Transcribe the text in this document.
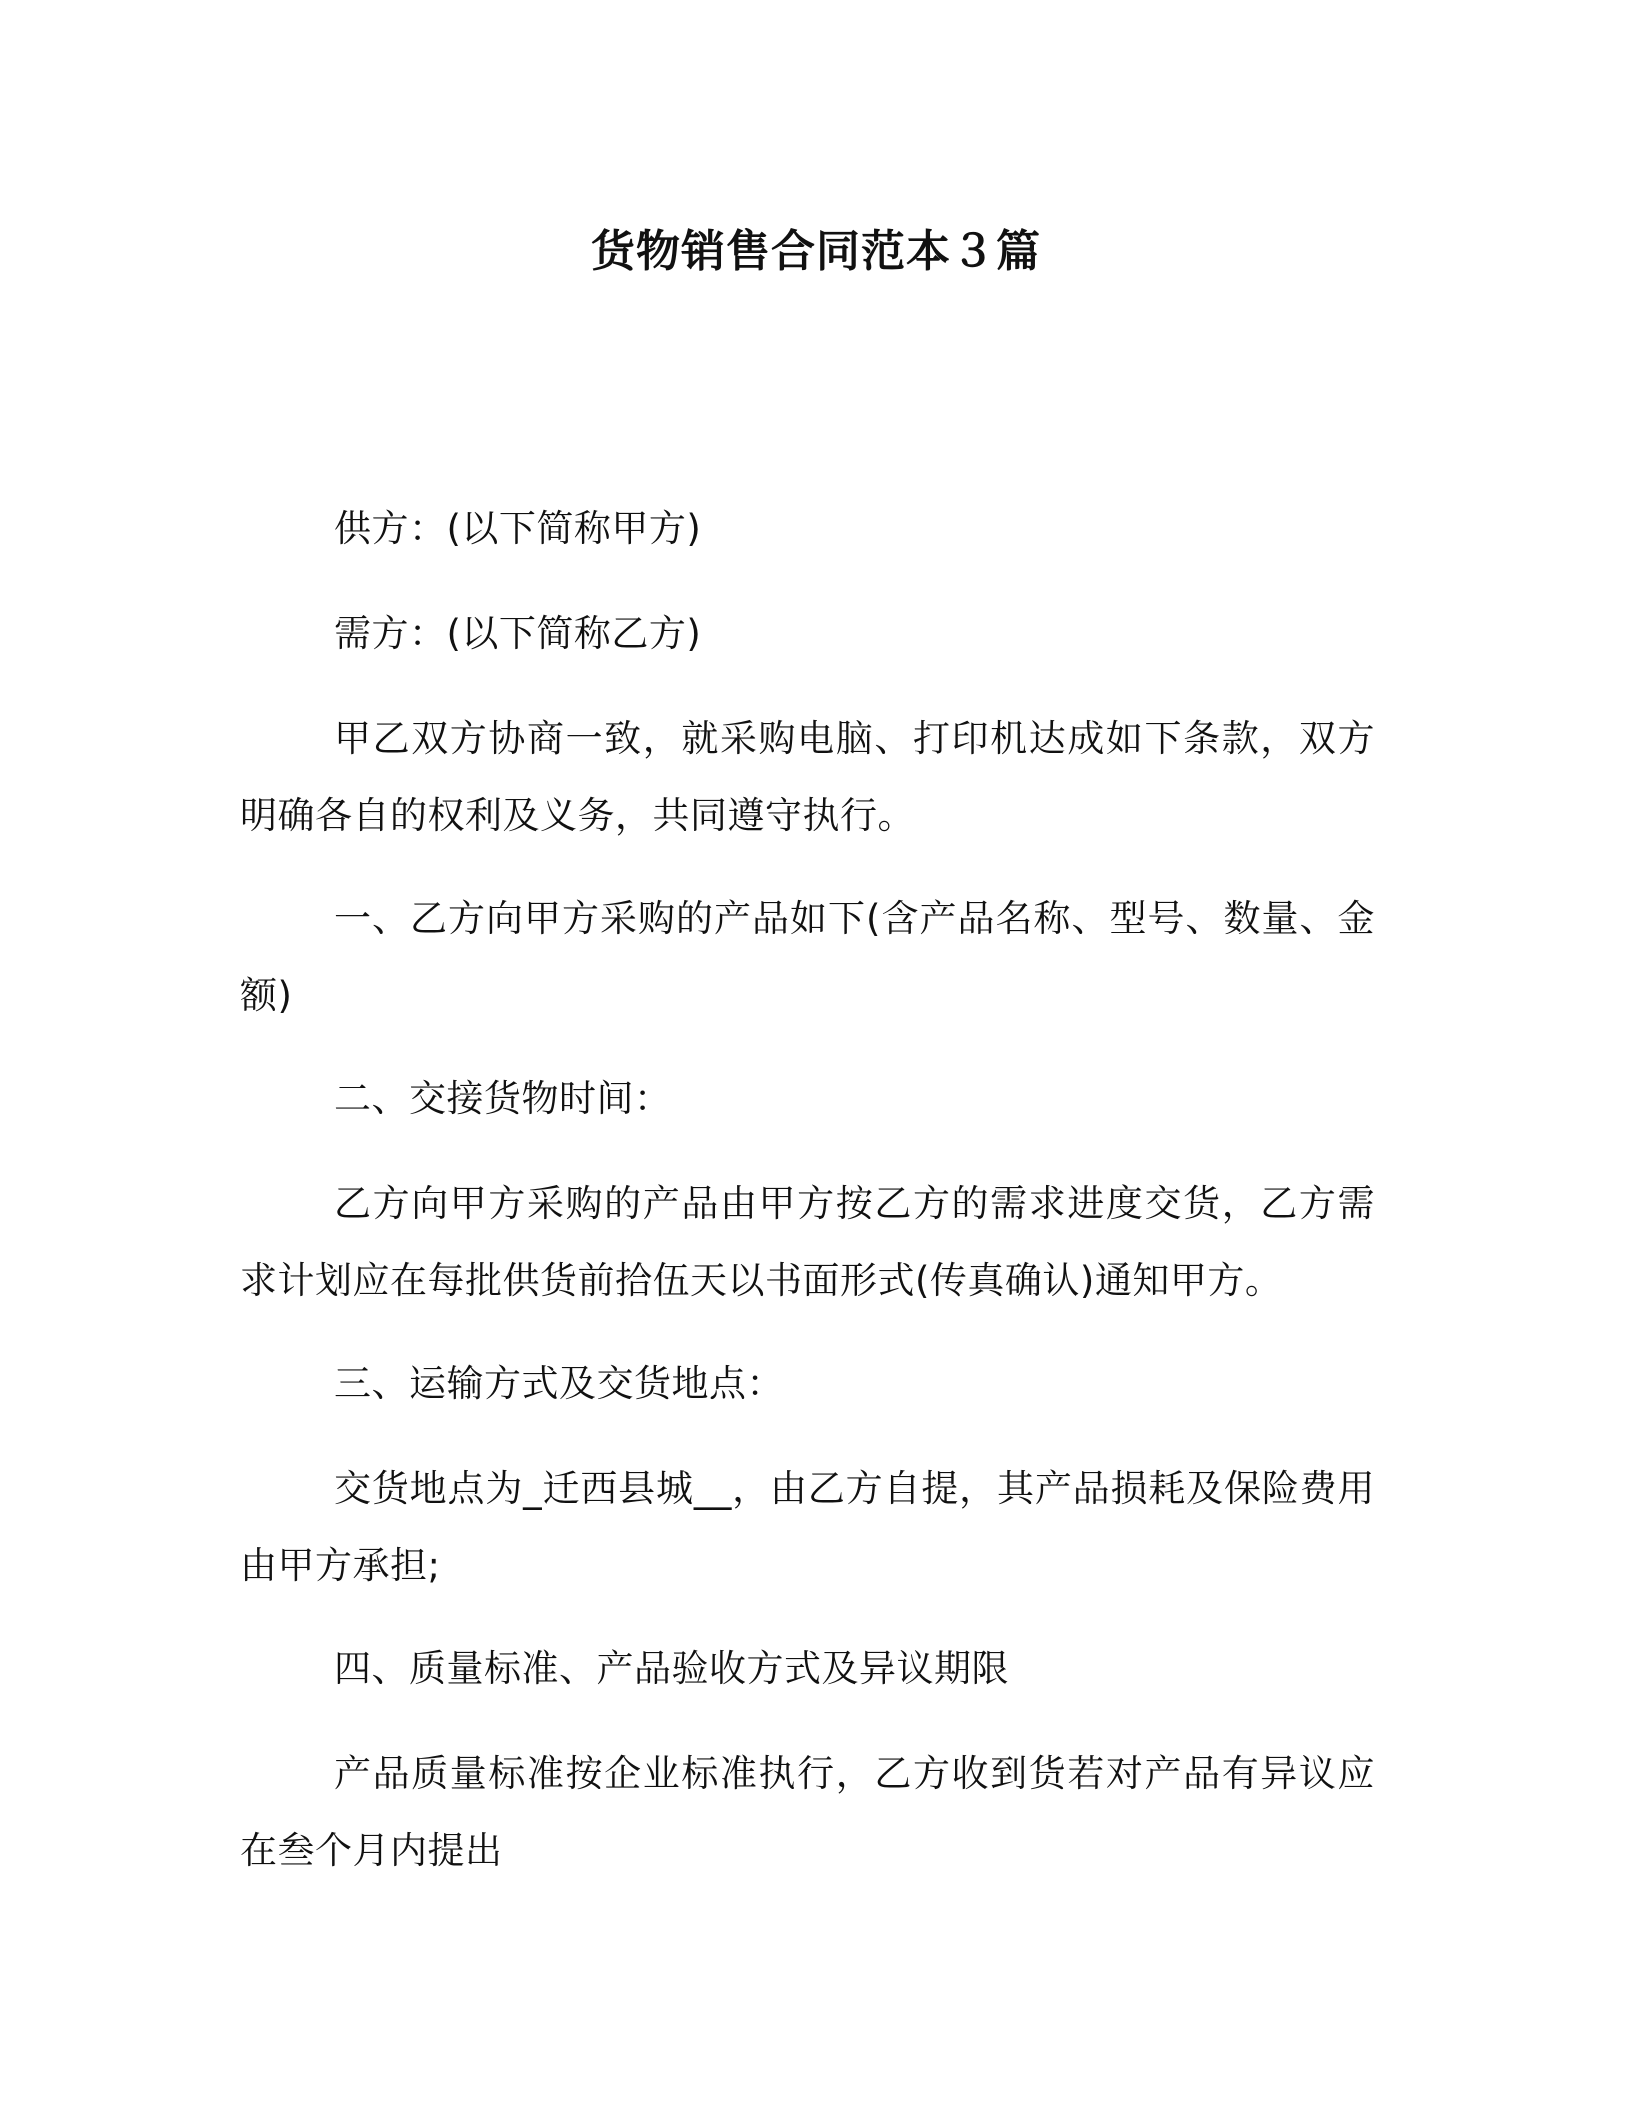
货物销售合同范本３篇

供方：(以下简称甲方)

需方：(以下简称乙方)

甲乙双方协商一致，就采购电脑、打印机达成如下条款，双方明确各自的权利及义务，共同遵守执行。

一、乙方向甲方采购的产品如下(含产品名称、型号、数量、金额)

二、交接货物时间：

乙方向甲方采购的产品由甲方按乙方的需求进度交货，乙方需求计划应在每批供货前拾伍天以书面形式(传真确认)通知甲方。

三、运输方式及交货地点：

交货地点为_迁西县城__，由乙方自提，其产品损耗及保险费用由甲方承担;

四、质量标准、产品验收方式及异议期限

产品质量标准按企业标准执行，乙方收到货若对产品有异议应在叁个月内提出
